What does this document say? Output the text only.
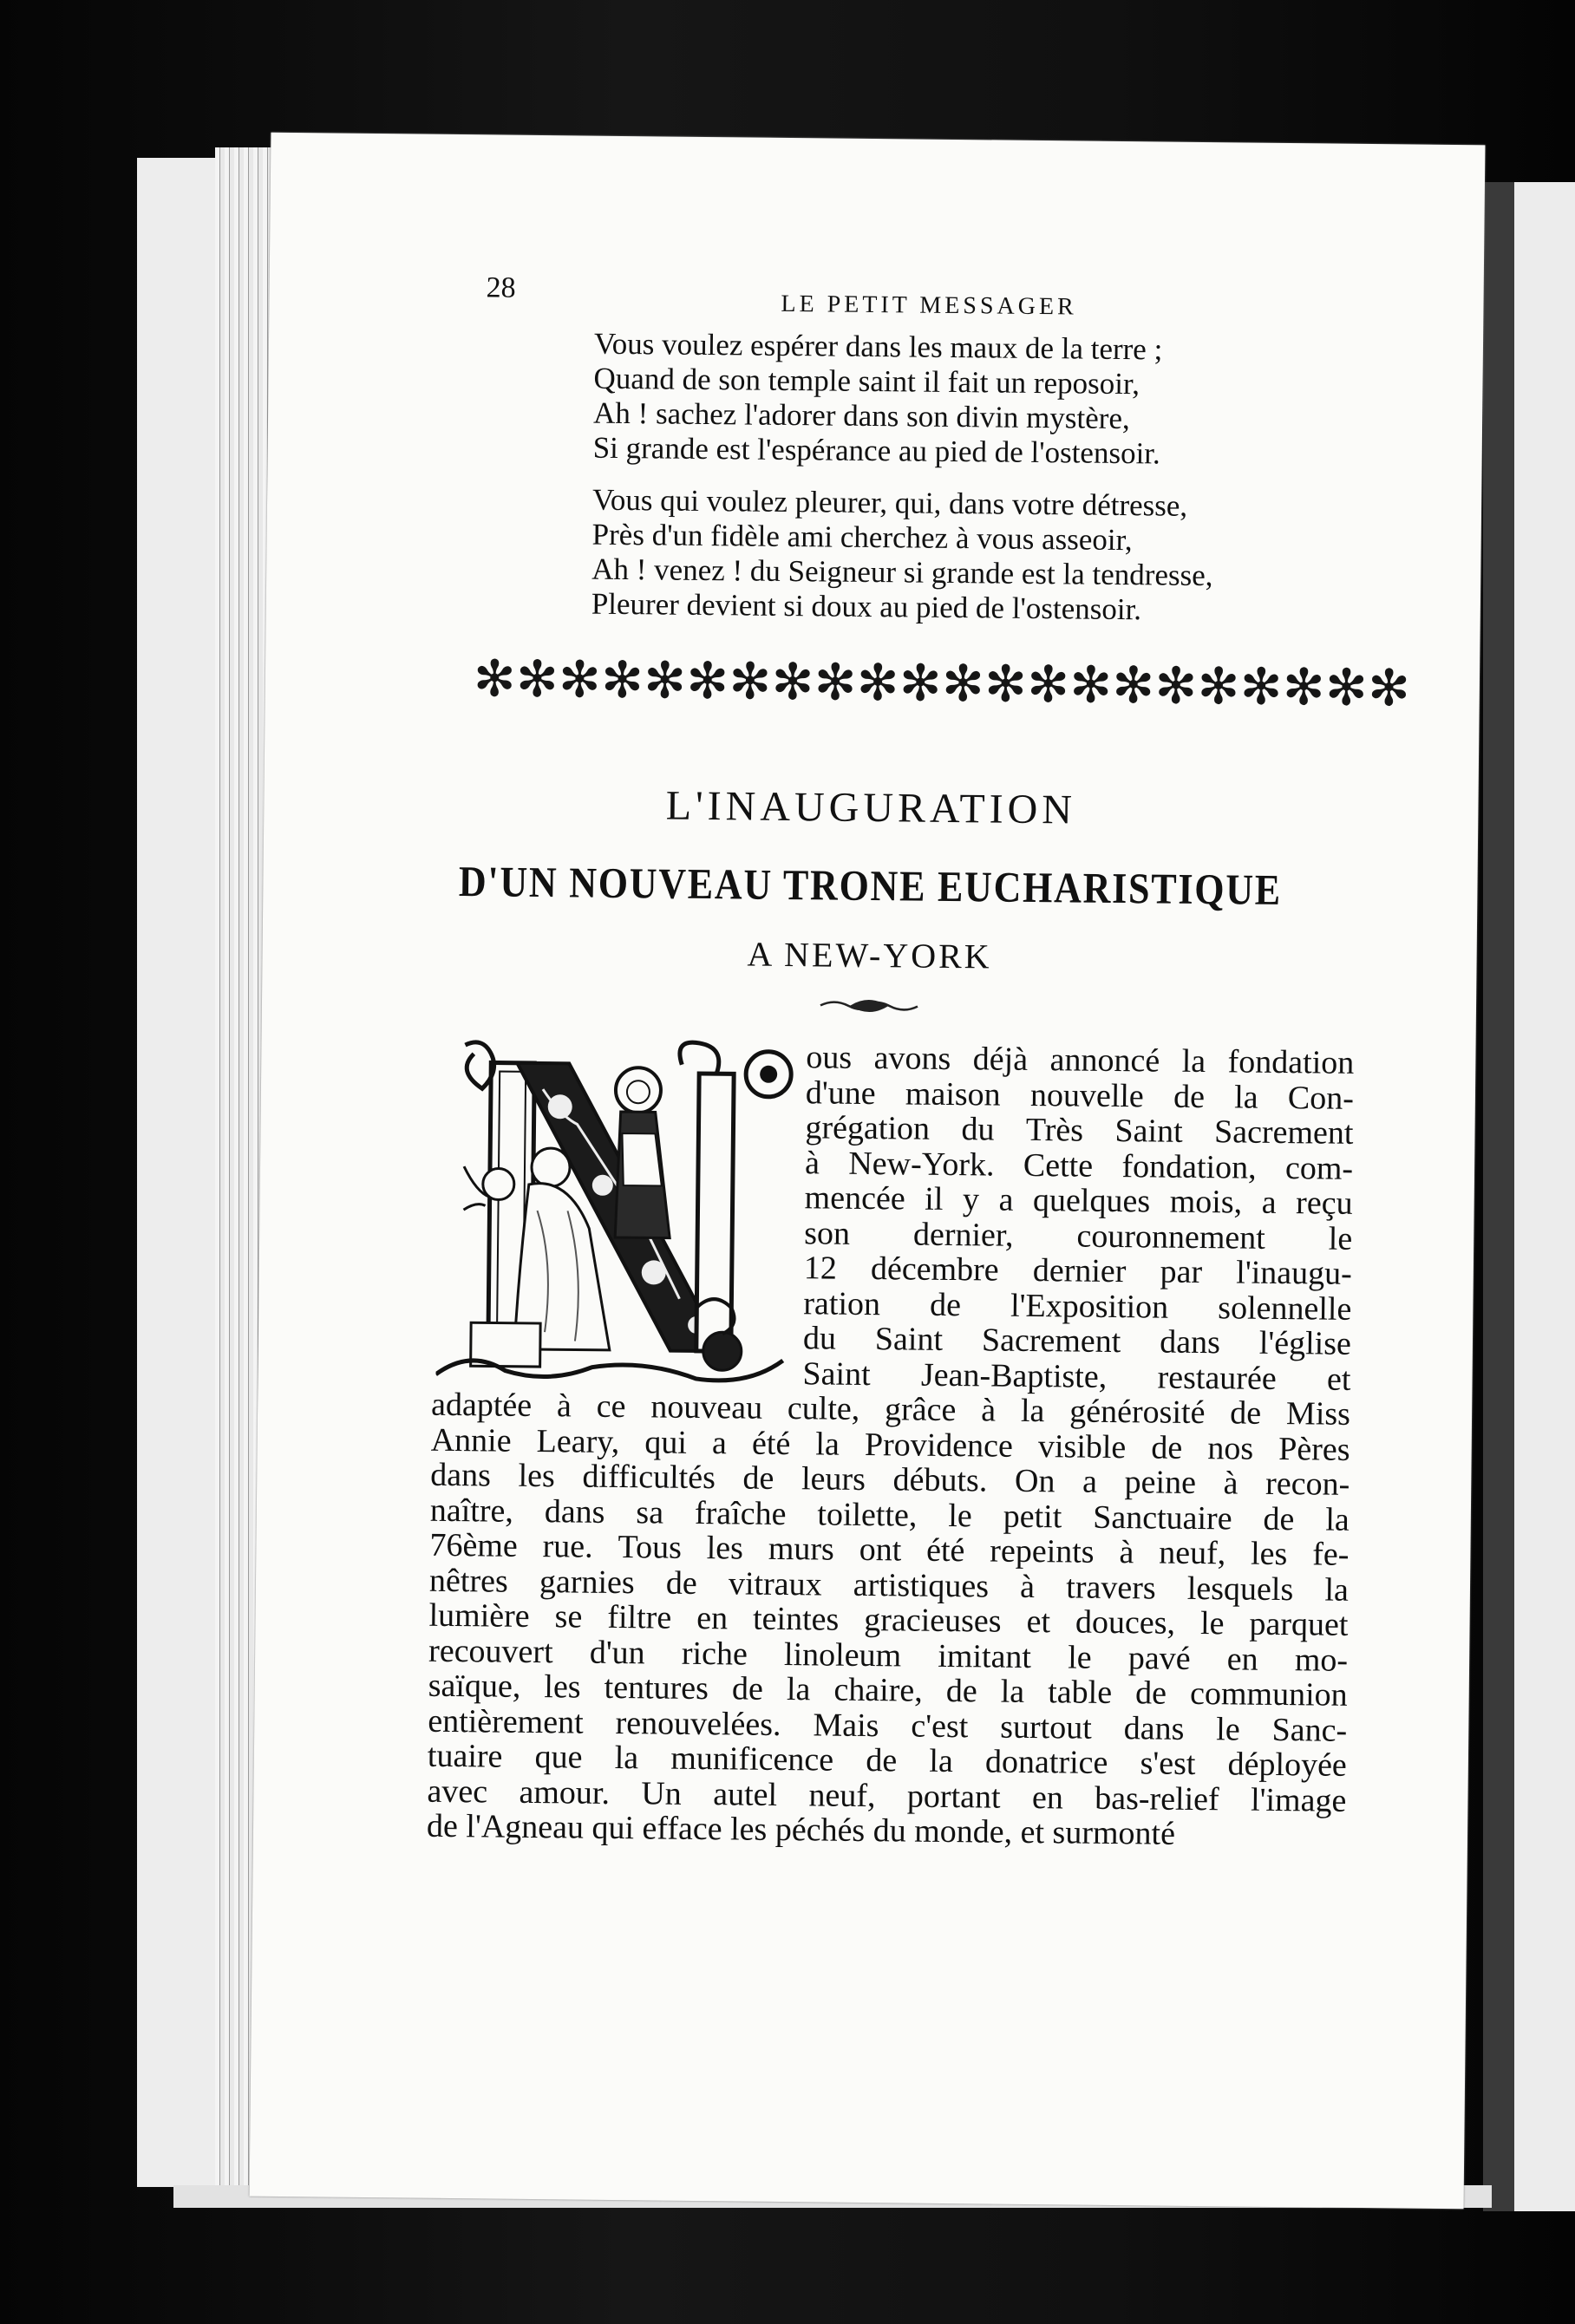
28
LE PETIT MESSAGER
Vous voulez espérer dans les maux de la terre ;
Quand de son temple saint il fait un reposoir,
Ah ! sachez l'adorer dans son divin mystère,
Si grande est l'espérance au pied de l'ostensoir.
Vous qui voulez pleurer, qui, dans votre détresse,
Près d'un fidèle ami cherchez à vous asseoir,
Ah ! venez ! du Seigneur si grande est la tendresse,
Pleurer devient si doux au pied de l'ostensoir.
✻ ✻ ✻ ✻ ✻ ✻ ✻ ✻ ✻ ✻ ✻ ✻ ✻ ✻ ✻ ✻ ✻ ✻ ✻ ✻ ✻ ✻
L'INAUGURATION
D'UN NOUVEAU TRONE EUCHARISTIQUE
A NEW-YORK
ous avons déjà annoncé la fondation
d'une maison nouvelle de la Con-
grégation du Très Saint Sacrement
à New-York. Cette fondation, com-
mencée il y a quelques mois, a reçu
son dernier, couronnement le
12 décembre dernier par l'inaugu-
ration de l'Exposition solennelle
du Saint Sacrement dans l'église
Saint Jean-Baptiste, restaurée et
adaptée à ce nouveau culte, grâce à la générosité de Miss
Annie Leary, qui a été la Providence visible de nos Pères
dans les difficultés de leurs débuts. On a peine à recon-
naître, dans sa fraîche toilette, le petit Sanctuaire de la
76ème rue. Tous les murs ont été repeints à neuf, les fe-
nêtres garnies de vitraux artistiques à travers lesquels la
lumière se filtre en teintes gracieuses et douces, le parquet
recouvert d'un riche linoleum imitant le pavé en mo-
saïque, les tentures de la chaire, de la table de communion
entièrement renouvelées. Mais c'est surtout dans le Sanc-
tuaire que la munificence de la donatrice s'est déployée
avec amour. Un autel neuf, portant en bas-relief l'image
de l'Agneau qui efface les péchés du monde, et surmonté
